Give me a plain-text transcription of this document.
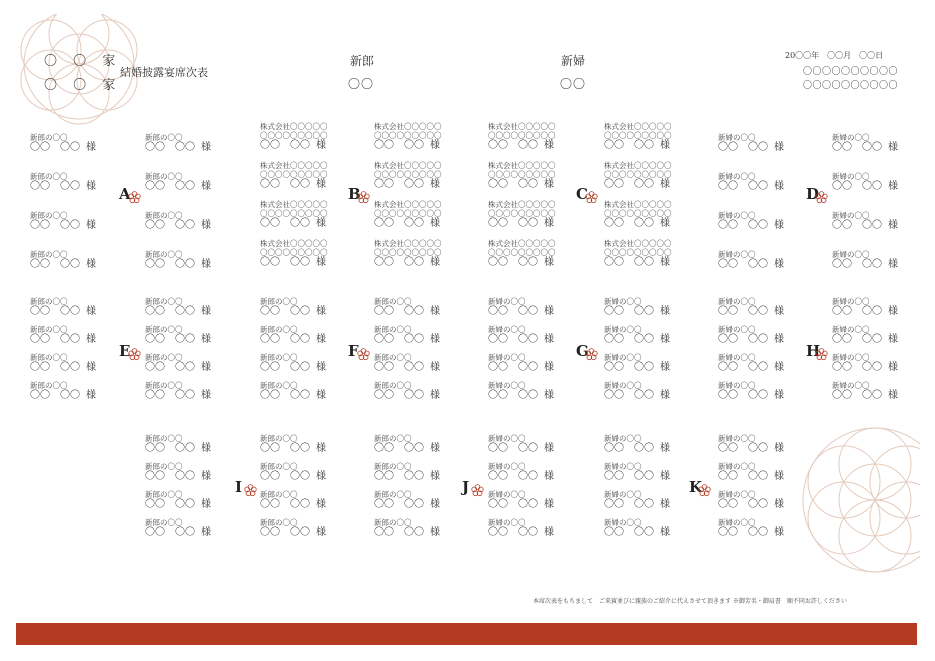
〇 〇 家
〇 〇 家
結婚披露宴席次表
新郎
〇〇
新婦
〇〇
20〇〇年　〇〇月　〇〇日
〇〇〇〇〇〇〇〇〇〇
〇〇〇〇〇〇〇〇〇〇
新郎の〇〇
〇〇　〇〇 様
新郎の〇〇
〇〇　〇〇 様
新郎の〇〇
〇〇　〇〇 様
新郎の〇〇
〇〇　〇〇 様
新郎の〇〇
〇〇　〇〇 様
新郎の〇〇
〇〇　〇〇 様
新郎の〇〇
〇〇　〇〇 様
新郎の〇〇
〇〇　〇〇 様
株式会社〇〇〇〇〇
〇〇〇〇〇〇〇〇〇
〇〇　〇〇 様
株式会社〇〇〇〇〇
〇〇〇〇〇〇〇〇〇
〇〇　〇〇 様
株式会社〇〇〇〇〇
〇〇〇〇〇〇〇〇〇
〇〇　〇〇 様
株式会社〇〇〇〇〇
〇〇〇〇〇〇〇〇〇
〇〇　〇〇 様
株式会社〇〇〇〇〇
〇〇〇〇〇〇〇〇〇
〇〇　〇〇 様
株式会社〇〇〇〇〇
〇〇〇〇〇〇〇〇〇
〇〇　〇〇 様
株式会社〇〇〇〇〇
〇〇〇〇〇〇〇〇〇
〇〇　〇〇 様
株式会社〇〇〇〇〇
〇〇〇〇〇〇〇〇〇
〇〇　〇〇 様
株式会社〇〇〇〇〇
〇〇〇〇〇〇〇〇〇
〇〇　〇〇 様
株式会社〇〇〇〇〇
〇〇〇〇〇〇〇〇〇
〇〇　〇〇 様
株式会社〇〇〇〇〇
〇〇〇〇〇〇〇〇〇
〇〇　〇〇 様
株式会社〇〇〇〇〇
〇〇〇〇〇〇〇〇〇
〇〇　〇〇 様
株式会社〇〇〇〇〇
〇〇〇〇〇〇〇〇〇
〇〇　〇〇 様
株式会社〇〇〇〇〇
〇〇〇〇〇〇〇〇〇
〇〇　〇〇 様
株式会社〇〇〇〇〇
〇〇〇〇〇〇〇〇〇
〇〇　〇〇 様
株式会社〇〇〇〇〇
〇〇〇〇〇〇〇〇〇
〇〇　〇〇 様
新婦の〇〇
〇〇　〇〇 様
新婦の〇〇
〇〇　〇〇 様
新婦の〇〇
〇〇　〇〇 様
新婦の〇〇
〇〇　〇〇 様
新婦の〇〇
〇〇　〇〇 様
新婦の〇〇
〇〇　〇〇 様
新婦の〇〇
〇〇　〇〇 様
新婦の〇〇
〇〇　〇〇 様
A	B	C	D
新郎の〇〇
〇〇　〇〇 様
新郎の〇〇
〇〇　〇〇 様
新郎の〇〇
〇〇　〇〇 様
新郎の〇〇
〇〇　〇〇 様
新郎の〇〇
〇〇　〇〇 様
新郎の〇〇
〇〇　〇〇 様
新郎の〇〇
〇〇　〇〇 様
新郎の〇〇
〇〇　〇〇 様
新郎の〇〇
〇〇　〇〇 様
新郎の〇〇
〇〇　〇〇 様
新郎の〇〇
〇〇　〇〇 様
新郎の〇〇
〇〇　〇〇 様
新郎の〇〇
〇〇　〇〇 様
新郎の〇〇
〇〇　〇〇 様
新郎の〇〇
〇〇　〇〇 様
新郎の〇〇
〇〇　〇〇 様
新婦の〇〇
〇〇　〇〇 様
新婦の〇〇
〇〇　〇〇 様
新婦の〇〇
〇〇　〇〇 様
新婦の〇〇
〇〇　〇〇 様
新婦の〇〇
〇〇　〇〇 様
新婦の〇〇
〇〇　〇〇 様
新婦の〇〇
〇〇　〇〇 様
新婦の〇〇
〇〇　〇〇 様
新婦の〇〇
〇〇　〇〇 様
新婦の〇〇
〇〇　〇〇 様
新婦の〇〇
〇〇　〇〇 様
新婦の〇〇
〇〇　〇〇 様
新婦の〇〇
〇〇　〇〇 様
新婦の〇〇
〇〇　〇〇 様
新婦の〇〇
〇〇　〇〇 様
新婦の〇〇
〇〇　〇〇 様
E	F	G	H
新郎の〇〇
〇〇　〇〇 様
新郎の〇〇
〇〇　〇〇 様
新郎の〇〇
〇〇　〇〇 様
新郎の〇〇
〇〇　〇〇 様
新郎の〇〇
〇〇　〇〇 様
新郎の〇〇
〇〇　〇〇 様
新郎の〇〇
〇〇　〇〇 様
新郎の〇〇
〇〇　〇〇 様
新郎の〇〇
〇〇　〇〇 様
新郎の〇〇
〇〇　〇〇 様
新郎の〇〇
〇〇　〇〇 様
新郎の〇〇
〇〇　〇〇 様
新婦の〇〇
〇〇　〇〇 様
新婦の〇〇
〇〇　〇〇 様
新婦の〇〇
〇〇　〇〇 様
新婦の〇〇
〇〇　〇〇 様
新婦の〇〇
〇〇　〇〇 様
新婦の〇〇
〇〇　〇〇 様
新婦の〇〇
〇〇　〇〇 様
新婦の〇〇
〇〇　〇〇 様
新婦の〇〇
〇〇　〇〇 様
新婦の〇〇
〇〇　〇〇 様
新婦の〇〇
〇〇　〇〇 様
新婦の〇〇
〇〇　〇〇 様
I	J	K
本席次表をもちまして　ご来賓並びに親族のご紹介に代えさせて頂きます ※御芳名・御肩書　順不同お許しください
